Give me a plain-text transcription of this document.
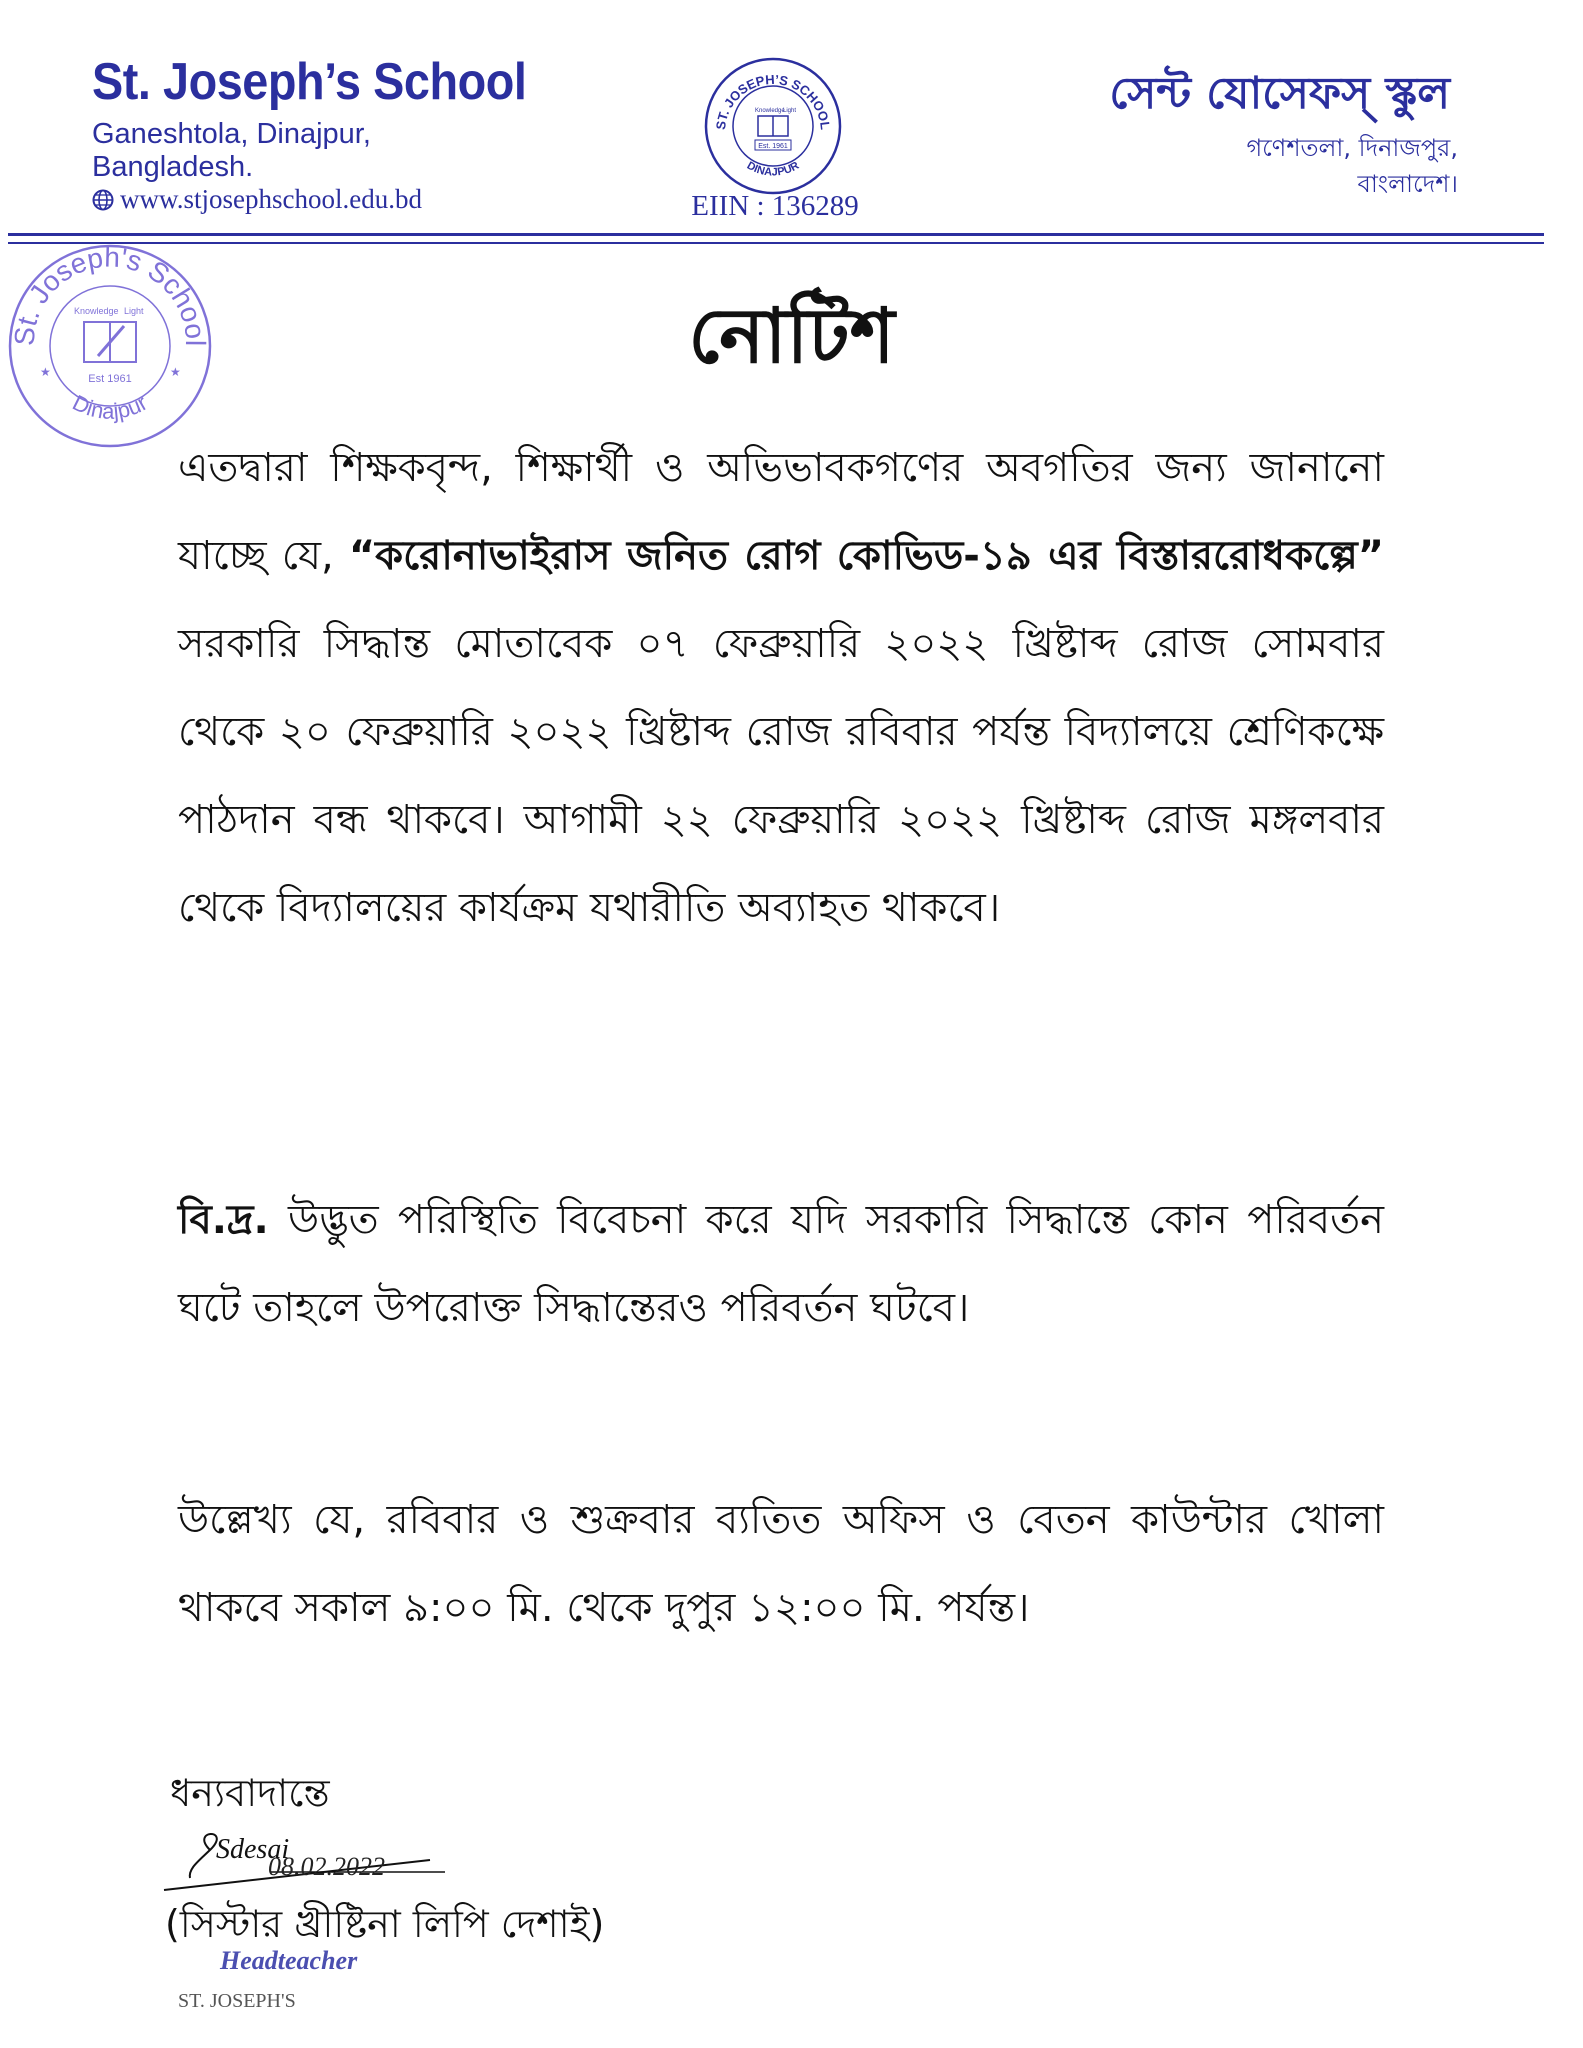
St. Joseph’s School
Ganeshtola, Dinajpur,
Bangladesh.
www.stjosephschool.edu.bd
ST. JOSEPH’S SCHOOL
DINAJPUR
Knowledge
Light
Est. 1961
EIIN : 136289
সেন্ট যোসেফস্ স্কুল
গণেশতলা, দিনাজপুর,
বাংলাদেশ।
St. Joseph's School
Dinajpur
Knowledge Light
Est 1961
★	★	নোটিশ
এতদ্বারা শিক্ষকবৃন্দ, শিক্ষার্থী ও অভিভাবকগণের অবগতির জন্য জানানো যাচ্ছে যে, “করোনাভাইরাস জনিত রোগ কোভিড-১৯ এর বিস্তাররোধকল্পে” সরকারি সিদ্ধান্ত মোতাবেক ০৭ ফেব্রুয়ারি ২০২২ খ্রিষ্টাব্দ রোজ সোমবার থেকে ২০ ফেব্রুয়ারি ২০২২ খ্রিষ্টাব্দ রোজ রবিবার পর্যন্ত বিদ্যালয়ে শ্রেণিকক্ষে পাঠদান বন্ধ থাকবে। আগামী ২২ ফেব্রুয়ারি ২০২২ খ্রিষ্টাব্দ রোজ মঙ্গলবার থেকে বিদ্যালয়ের কার্যক্রম যথারীতি অব্যাহত থাকবে।
বি.দ্র. উদ্ভুত পরিস্থিতি বিবেচনা করে যদি সরকারি সিদ্ধান্তে কোন পরিবর্তন ঘটে তাহলে উপরোক্ত সিদ্ধান্তেরও পরিবর্তন ঘটবে।
উল্লেখ্য যে, রবিবার ও শুক্রবার ব্যতিত অফিস ও বেতন কাউন্টার খোলা থাকবে সকাল ৯:০০ মি. থেকে দুপুর ১২:০০ মি. পর্যন্ত।
ধন্যবাদান্তে
Sdesai
08.02.2022
(সিস্টার খ্রীষ্টিনা লিপি দেশাই)
Headteacher
ST. JOSEPH'S
